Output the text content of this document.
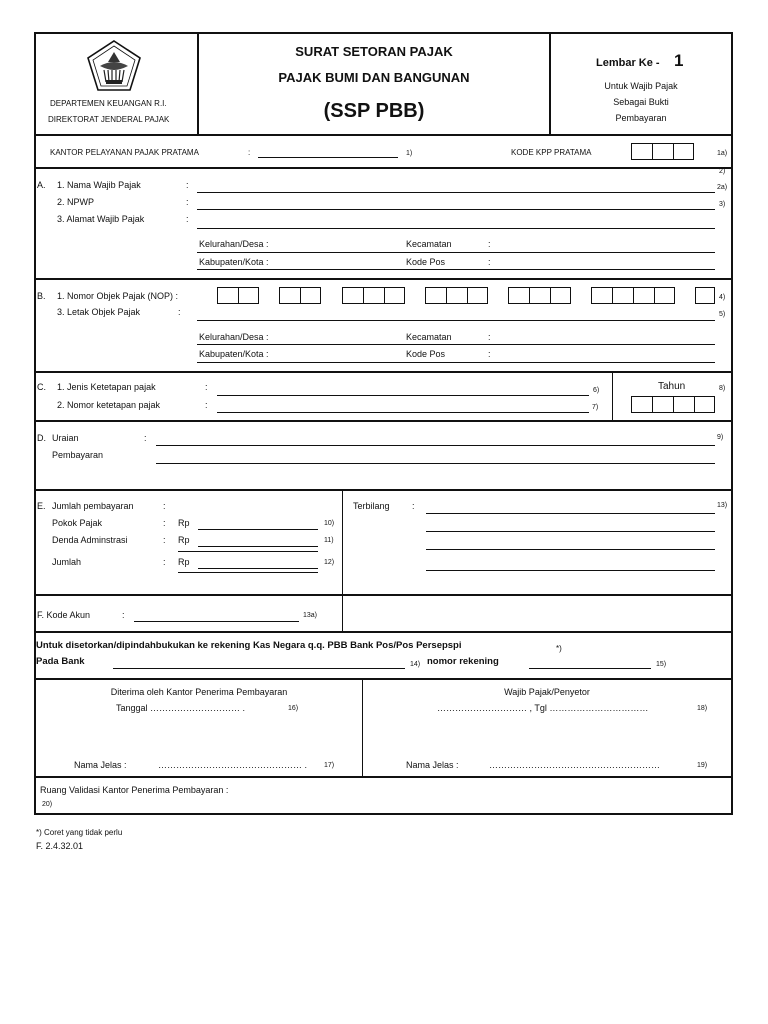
DEPARTEMEN KEUANGAN R.I.
DIREKTORAT JENDERAL PAJAK
SURAT SETORAN PAJAK
PAJAK BUMI DAN BANGUNAN
(SSP PBB)
Lembar Ke - 1
Untuk Wajib Pajak
Sebagai Bukti
Pembayaran
KANTOR PELAYANAN PAJAK PRATAMA	:	1)	KODE KPP PRATAMA	1a)
2)
A. 1. Nama Wajib Pajak	:	2a)
2. NPWP	:	3)
3. Alamat Wajib Pajak	:
Kelurahan/Desa :	Kecamatan	:
Kabupaten/Kota :	Kode Pos	:
B. 1. Nomor Objek Pajak (NOP) :	4)
3. Letak Objek Pajak	:	5)
Kelurahan/Desa :	Kecamatan	:
Kabupaten/Kota :	Kode Pos	:
C. 1. Jenis Ketetapan pajak	:	6)
2. Nomor ketetapan pajak	:	7)
Tahun	8)
D. Uraian	:	9)
Pembayaran
E. Jumlah pembayaran	:
Pokok Pajak	: Rp	10)
Denda Adminstrasi	: Rp	11)
Jumlah	: Rp	12)
Terbilang :	13)
F. Kode Akun	:	13a)
Untuk disetorkan/dipindahbukukan ke rekening Kas Negara q.q. PBB Bank Pos/Pos Persepspi	*)
Pada Bank	14) nomor rekening	15)
Diterima oleh Kantor Penerima Pembayaran
Tanggal ………………………… .	16)
Nama Jelas :	………………………………………… . 17)
Wajib Pajak/Penyetor
………………………… , Tgl ……………………………	18)
Nama Jelas :	…………………………………………………	19)
Ruang Validasi Kantor Penerima Pembayaran :
20)
*) Coret yang tidak perlu
F. 2.4.32.01
